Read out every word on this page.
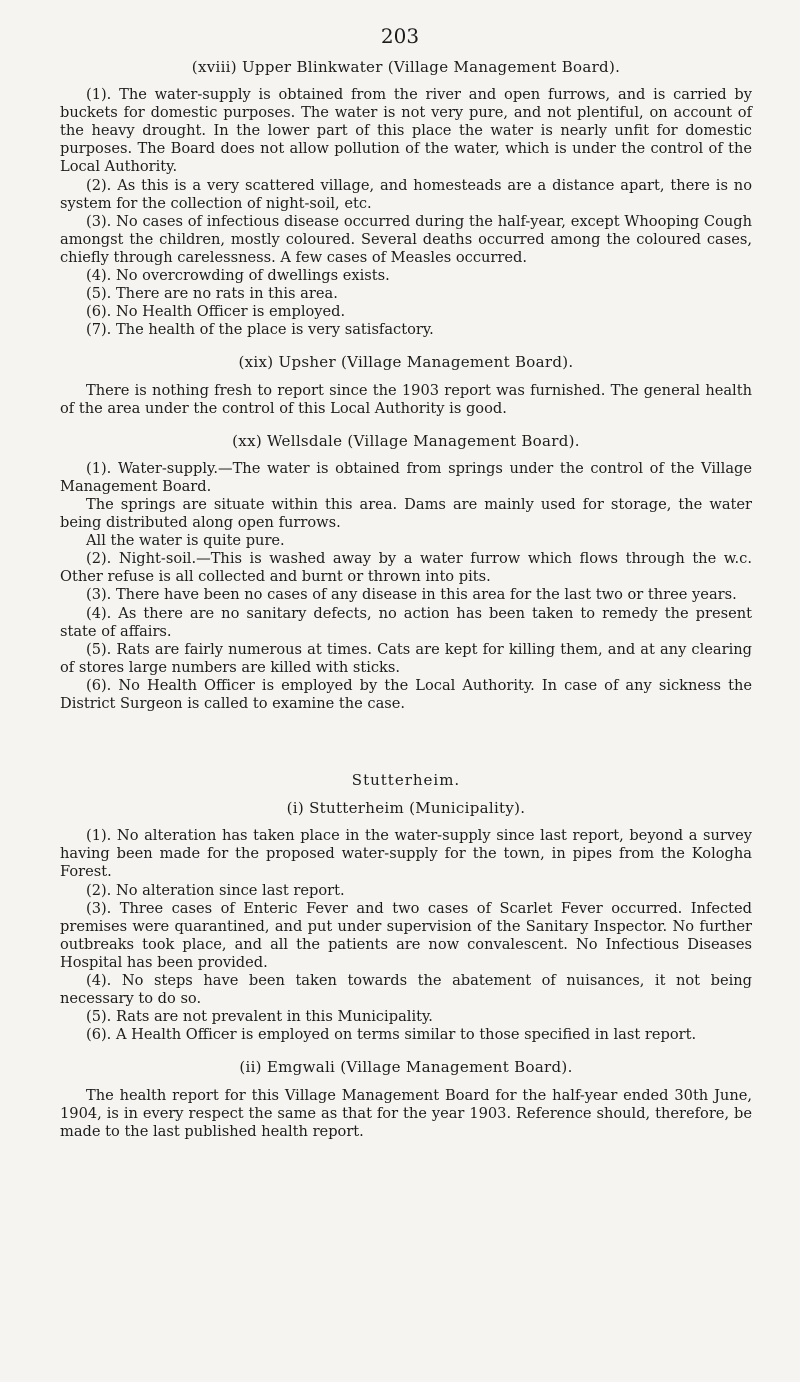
203

(xviii) Upper Blinkwater (Village Management Board).

(1). The water-supply is obtained from the river and open furrows, and is carried by buckets for domestic purposes. The water is not very pure, and not plentiful, on account of the heavy drought. In the lower part of this place the water is nearly unfit for domestic purposes. The Board does not allow pollution of the water, which is under the control of the Local Authority.

(2). As this is a very scattered village, and homesteads are a distance apart, there is no system for the collection of night-soil, etc.

(3). No cases of infectious disease occurred during the half-year, except Whooping Cough amongst the children, mostly coloured. Several deaths occurred among the coloured cases, chiefly through carelessness. A few cases of Measles occurred.

(4). No overcrowding of dwellings exists.

(5). There are no rats in this area.

(6). No Health Officer is employed.

(7). The health of the place is very satisfactory.

(xix) Upsher (Village Management Board).

There is nothing fresh to report since the 1903 report was furnished. The general health of the area under the control of this Local Authority is good.

(xx) Wellsdale (Village Management Board).

(1). Water-supply.—The water is obtained from springs under the control of the Village Management Board.

The springs are situate within this area. Dams are mainly used for storage, the water being distributed along open furrows.

All the water is quite pure.

(2). Night-soil.—This is washed away by a water furrow which flows through the w.c. Other refuse is all collected and burnt or thrown into pits.

(3). There have been no cases of any disease in this area for the last two or three years.

(4). As there are no sanitary defects, no action has been taken to remedy the present state of affairs.

(5). Rats are fairly numerous at times. Cats are kept for killing them, and at any clearing of stores large numbers are killed with sticks.

(6). No Health Officer is employed by the Local Authority. In case of any sickness the District Surgeon is called to examine the case.

Stutterheim.

(i) Stutterheim (Municipality).

(1). No alteration has taken place in the water-supply since last report, beyond a survey having been made for the proposed water-supply for the town, in pipes from the Kologha Forest.

(2). No alteration since last report.

(3). Three cases of Enteric Fever and two cases of Scarlet Fever occurred. Infected premises were quarantined, and put under supervision of the Sanitary Inspector. No further outbreaks took place, and all the patients are now convalescent. No Infectious Diseases Hospital has been provided.

(4). No steps have been taken towards the abatement of nuisances, it not being necessary to do so.

(5). Rats are not prevalent in this Municipality.

(6). A Health Officer is employed on terms similar to those specified in last report.

(ii) Emgwali (Village Management Board).

The health report for this Village Management Board for the half-year ended 30th June, 1904, is in every respect the same as that for the year 1903. Reference should, therefore, be made to the last published health report.
